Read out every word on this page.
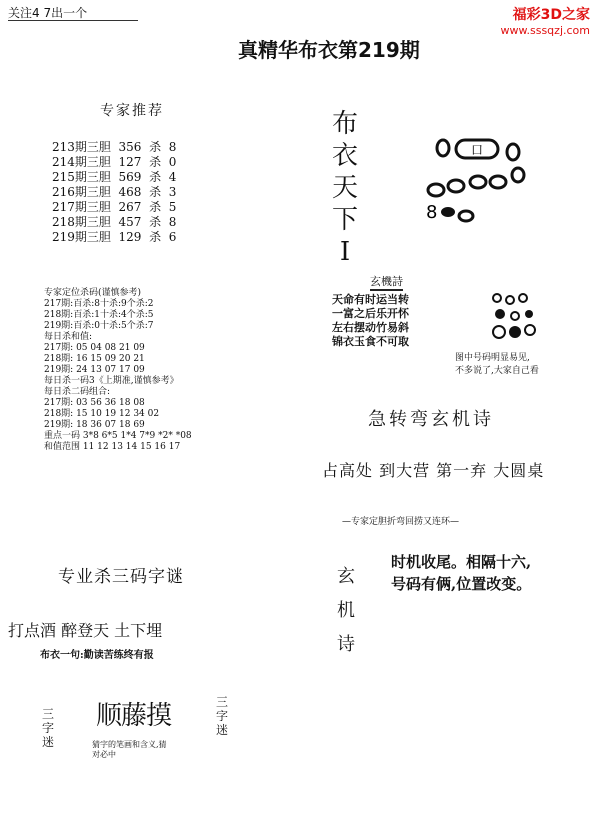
关注4 7出一个	福彩3D之家
www.sssqzj.com
真精华布衣第219期
专家推荐
213期三胆  356  杀  8
214期三胆  127  杀  0
215期三胆  569  杀  4
216期三胆  468  杀  3
217期三胆  267  杀  5
218期三胆  457  杀  8
219期三胆  129  杀  6
布
衣
天
下
I
口
8
玄機詩
天命有时运当转
一富之后乐开怀
左右摆动竹易斜
锦衣玉食不可取
图中号码明显易见,
不多说了,大家自己看
专家定位杀码(谨慎参考)
217期:百杀:8十杀:9个杀:2
218期:百杀:1十杀:4个杀:5
219期:百杀:0十杀:5个杀:7
每日杀和值:
217期: 05 04 08 21 09
218期: 16 15 09 20 21
219期: 24 13 07 17 09
每日杀一码3《上期准,谨慎参考》
每日杀二码组合:
217期: 03 56 36 18 08
218期: 15 10 19 12 34 02
219期: 18 36 07 18 69
重点一码 3*8 6*5 1*4 7*9 *2* *08
和值范围 11 12 13 14 15 16 17
急转弯玄机诗
占高处 到大营 第一弃 大圆桌
—专家定胆折弯回捞又连环—
玄
机
诗
时机收尾。相隔十六,
号码有俩,位置改变。
专业杀三码字谜
打点酒 醉登天 土下埋
布衣一句:勤读苦练终有报
三
字
迷
顺藤摸	三
字
迷
猜字的笔画和含义,猜
对必中
